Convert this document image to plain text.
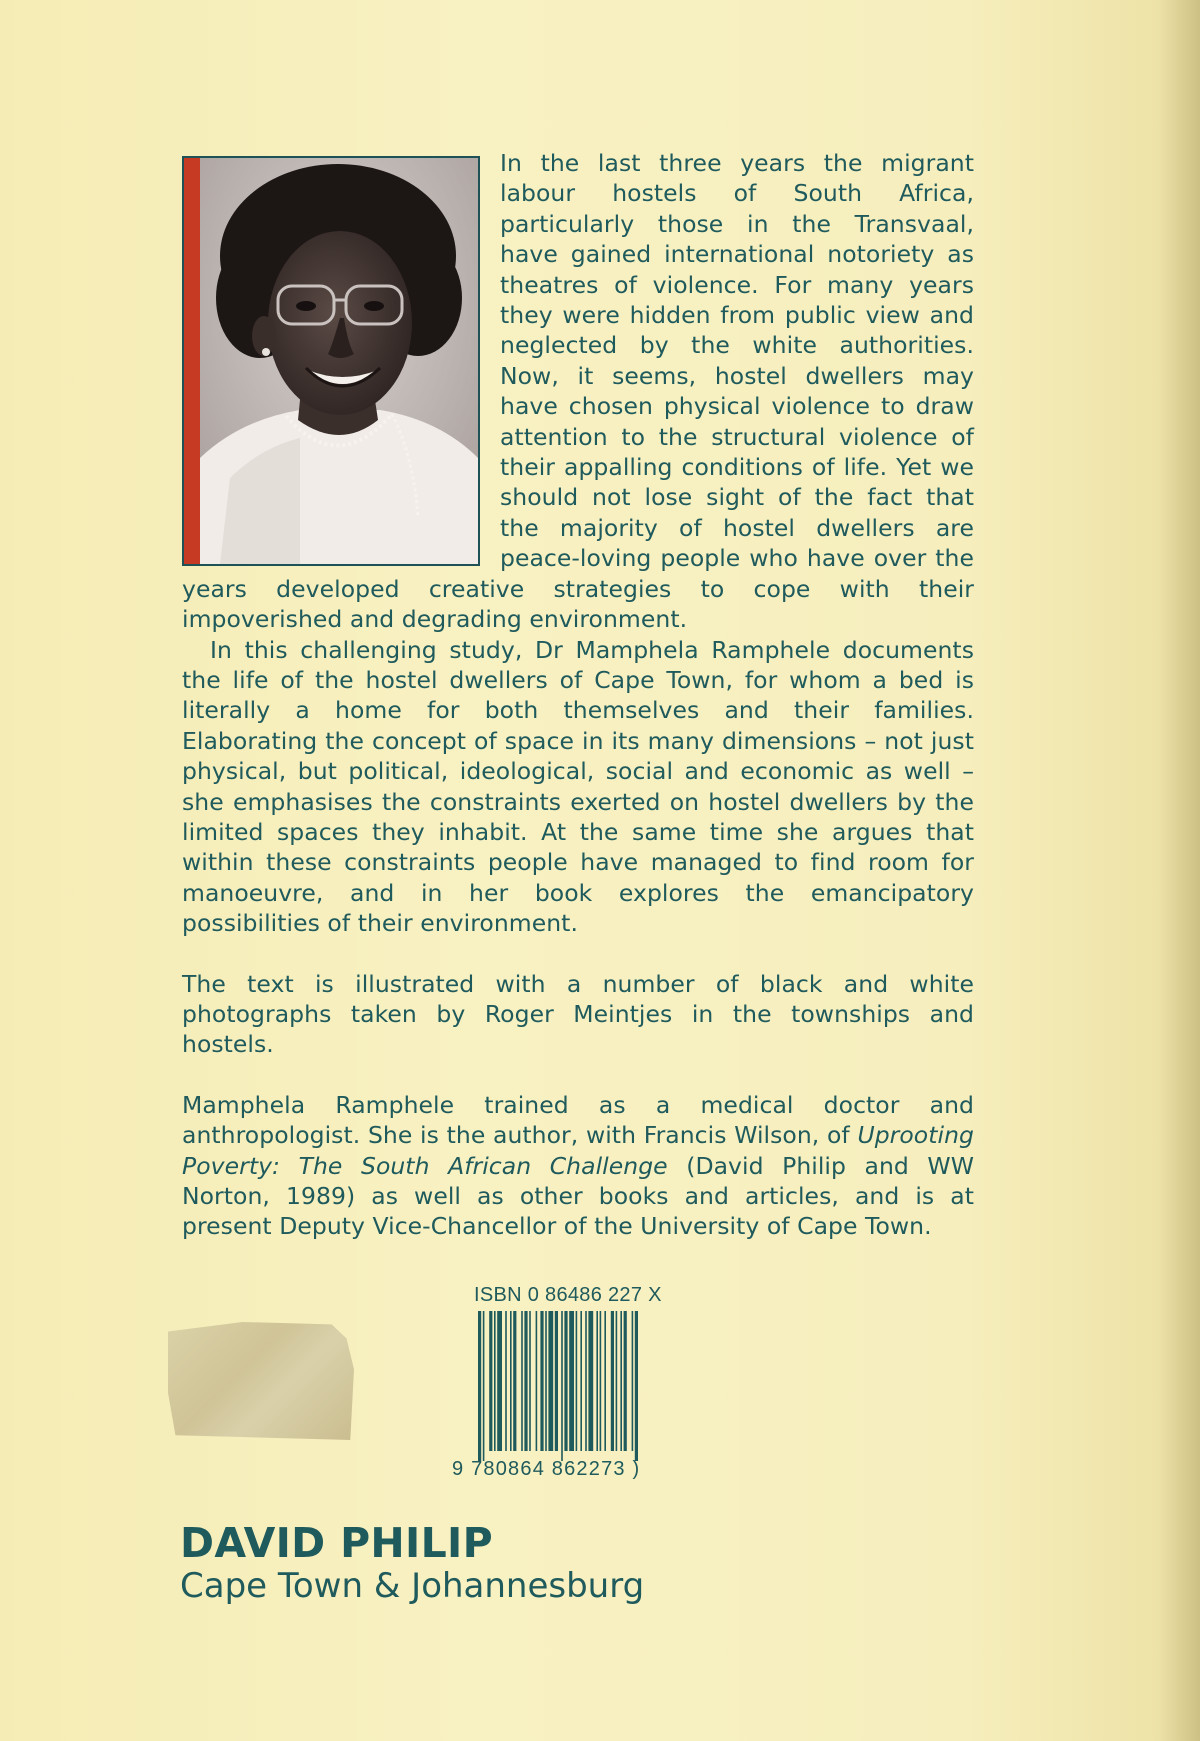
In the last three years the migrant labour hostels of South Africa, particularly those in the Transvaal, have gained international notoriety as theatres of violence. For many years they were hidden from public view and neglected by the white authorities. Now, it seems, hostel dwellers may have chosen physical violence to draw attention to the structural violence of their appalling conditions of life. Yet we should not lose sight of the fact that the majority of hostel dwellers are peace-loving people who have over the years developed creative strategies to cope with their impoverished and degrading environment.

In this challenging study, Dr Mamphela Ramphele documents the life of the hostel dwellers of Cape Town, for whom a bed is literally a home for both themselves and their families. Elaborating the concept of space in its many dimensions – not just physical, but political, ideological, social and economic as well – she emphasises the constraints exerted on hostel dwellers by the limited spaces they inhabit. At the same time she argues that within these constraints people have managed to find room for manoeuvre, and in her book explores the emancipatory possibilities of their environment.

The text is illustrated with a number of black and white photographs taken by Roger Meintjes in the townships and hostels.

Mamphela Ramphele trained as a medical doctor and anthropologist. She is the author, with Francis Wilson, of Uprooting Poverty: The South African Challenge (David Philip and WW Norton, 1989) as well as other books and articles, and is at present Deputy Vice-Chancellor of the University of Cape Town.

ISBN 0 86486 227 X
9 780864 862273 )
DAVID PHILIP
Cape Town & Johannesburg
